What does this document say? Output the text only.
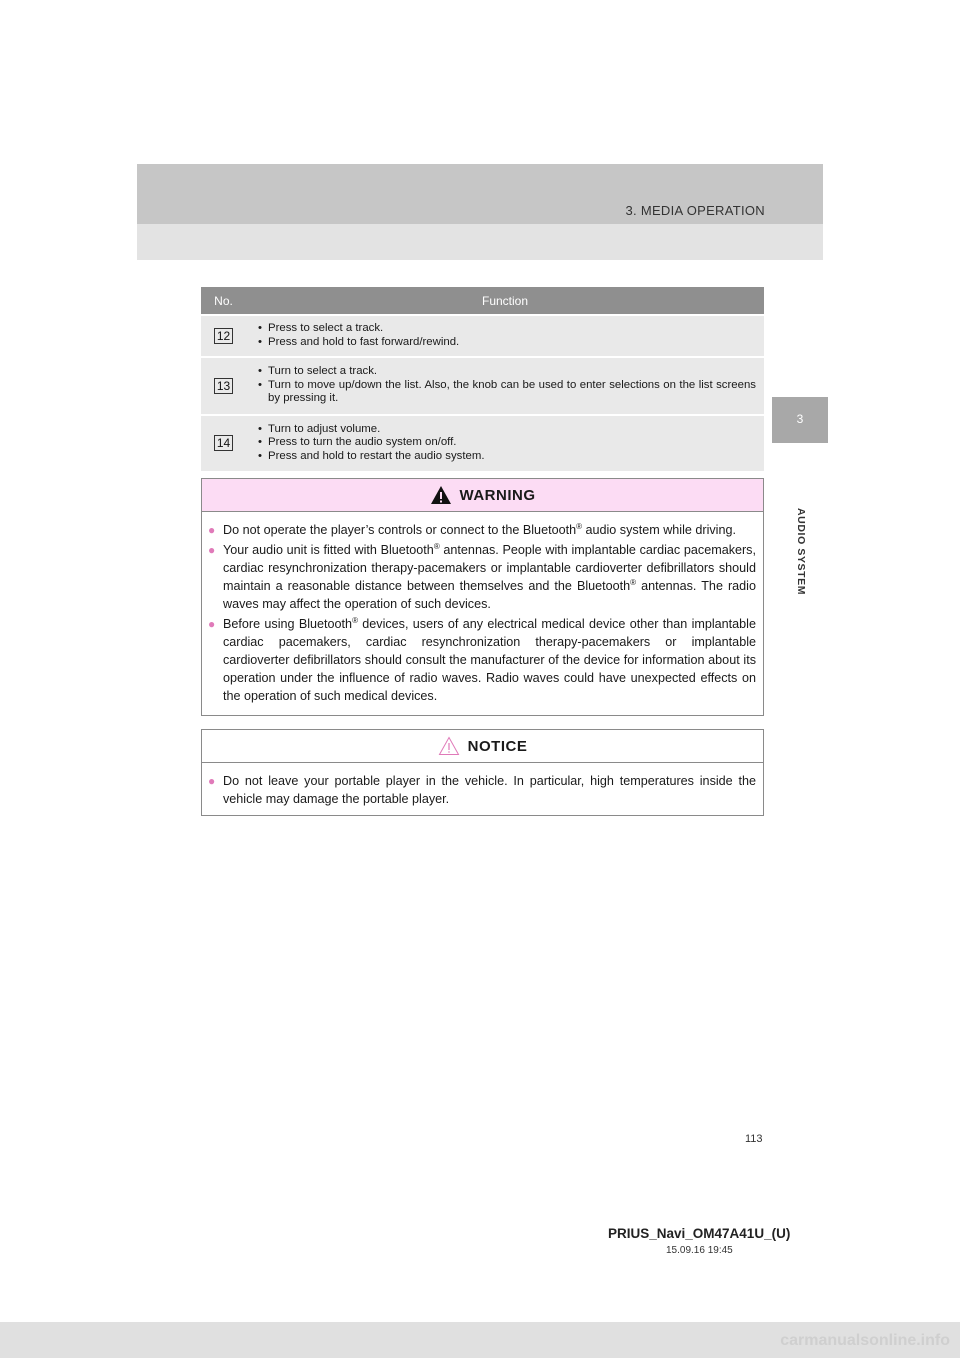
3. MEDIA OPERATION
3
AUDIO SYSTEM
No.	Function
12
• Press to select a track.
• Press and hold to fast forward/rewind.
13
• Turn to select a track.
• Turn to move up/down the list. Also, the knob can be used to enter selections on the list screens by pressing it.
14
• Turn to adjust volume.
• Press to turn the audio system on/off.
• Press and hold to restart the audio system.
WARNING
● Do not operate the player’s controls or connect to the Bluetooth® audio system while driving.
● Your audio unit is fitted with Bluetooth® antennas. People with implantable cardiac pacemakers, cardiac resynchronization therapy-pacemakers or implantable cardioverter defibrillators should maintain a reasonable distance between themselves and the Bluetooth® antennas. The radio waves may affect the operation of such devices.
● Before using Bluetooth® devices, users of any electrical medical device other than implantable cardiac pacemakers, cardiac resynchronization therapy-pacemakers or implantable cardioverter defibrillators should consult the manufacturer of the device for information about its operation under the influence of radio waves. Radio waves could have unexpected effects on the operation of such medical devices.
NOTICE
● Do not leave your portable player in the vehicle. In particular, high temperatures inside the vehicle may damage the portable player.
113
PRIUS_Navi_OM47A41U_(U)
15.09.16 19:45
carmanualsonline.info
